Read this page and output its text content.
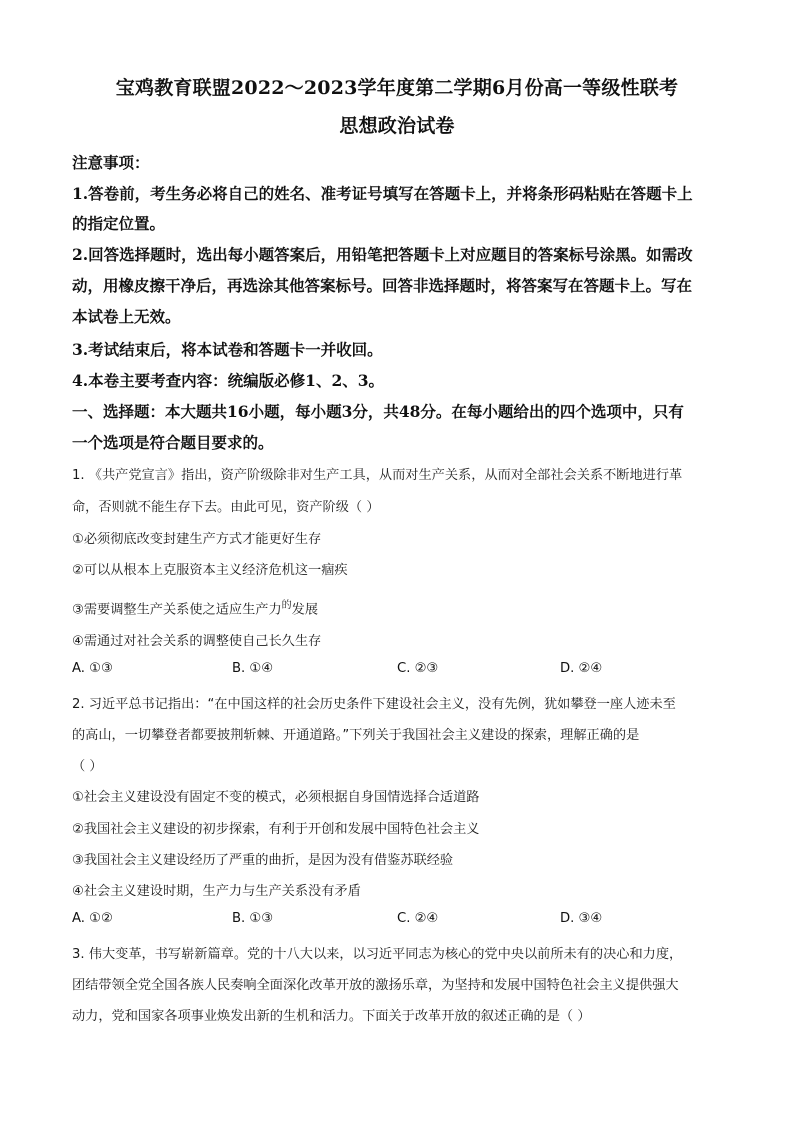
宝鸡教育联盟2022～2023学年度第二学期6月份高一等级性联考
思想政治试卷
注意事项：
1.答卷前，考生务必将自己的姓名、准考证号填写在答题卡上，并将条形码粘贴在答题卡上
的指定位置。
2.回答选择题时，选出每小题答案后，用铅笔把答题卡上对应题目的答案标号涂黑。如需改
动，用橡皮擦干净后，再选涂其他答案标号。回答非选择题时，将答案写在答题卡上。写在
本试卷上无效。
3.考试结束后，将本试卷和答题卡一并收回。
4.本卷主要考查内容：统编版必修1、2、3。
一、选择题：本大题共16小题，每小题3分，共48分。在每小题给出的四个选项中，只有
一个选项是符合题目要求的。
1. 《共产党宣言》指出，资产阶级除非对生产工具，从而对生产关系，从而对全部社会关系不断地进行革
命，否则就不能生存下去。由此可见，资产阶级（ ）
①必须彻底改变封建生产方式才能更好生存
②可以从根本上克服资本主义经济危机这一痼疾
③需要调整生产关系使之适应生产力$^的$发展
④需通过对社会关系的调整使自己长久生存
A. ①③	B. ①④	C. ②③	D. ②④
2. 习近平总书记指出：“在中国这样的社会历史条件下建设社会主义，没有先例，犹如攀登一座人迹未至
的高山，一切攀登者都要披荆斩棘、开通道路。”下列关于我国社会主义建设的探索，理解正确的是
（ ）
①社会主义建设没有固定不变的模式，必须根据自身国情选择合适道路
②我国社会主义建设的初步探索，有利于开创和发展中国特色社会主义
③我国社会主义建设经历了严重的曲折，是因为没有借鉴苏联经验
④社会主义建设时期，生产力与生产关系没有矛盾
A. ①②	B. ①③	C. ②④	D. ③④
3. 伟大变革，书写崭新篇章。党的十八大以来，以习近平同志为核心的党中央以前所未有的决心和力度，
团结带领全党全国各族人民奏响全面深化改革开放的激扬乐章，为坚持和发展中国特色社会主义提供强大
动力，党和国家各项事业焕发出新的生机和活力。下面关于改革开放的叙述正确的是（ ）
